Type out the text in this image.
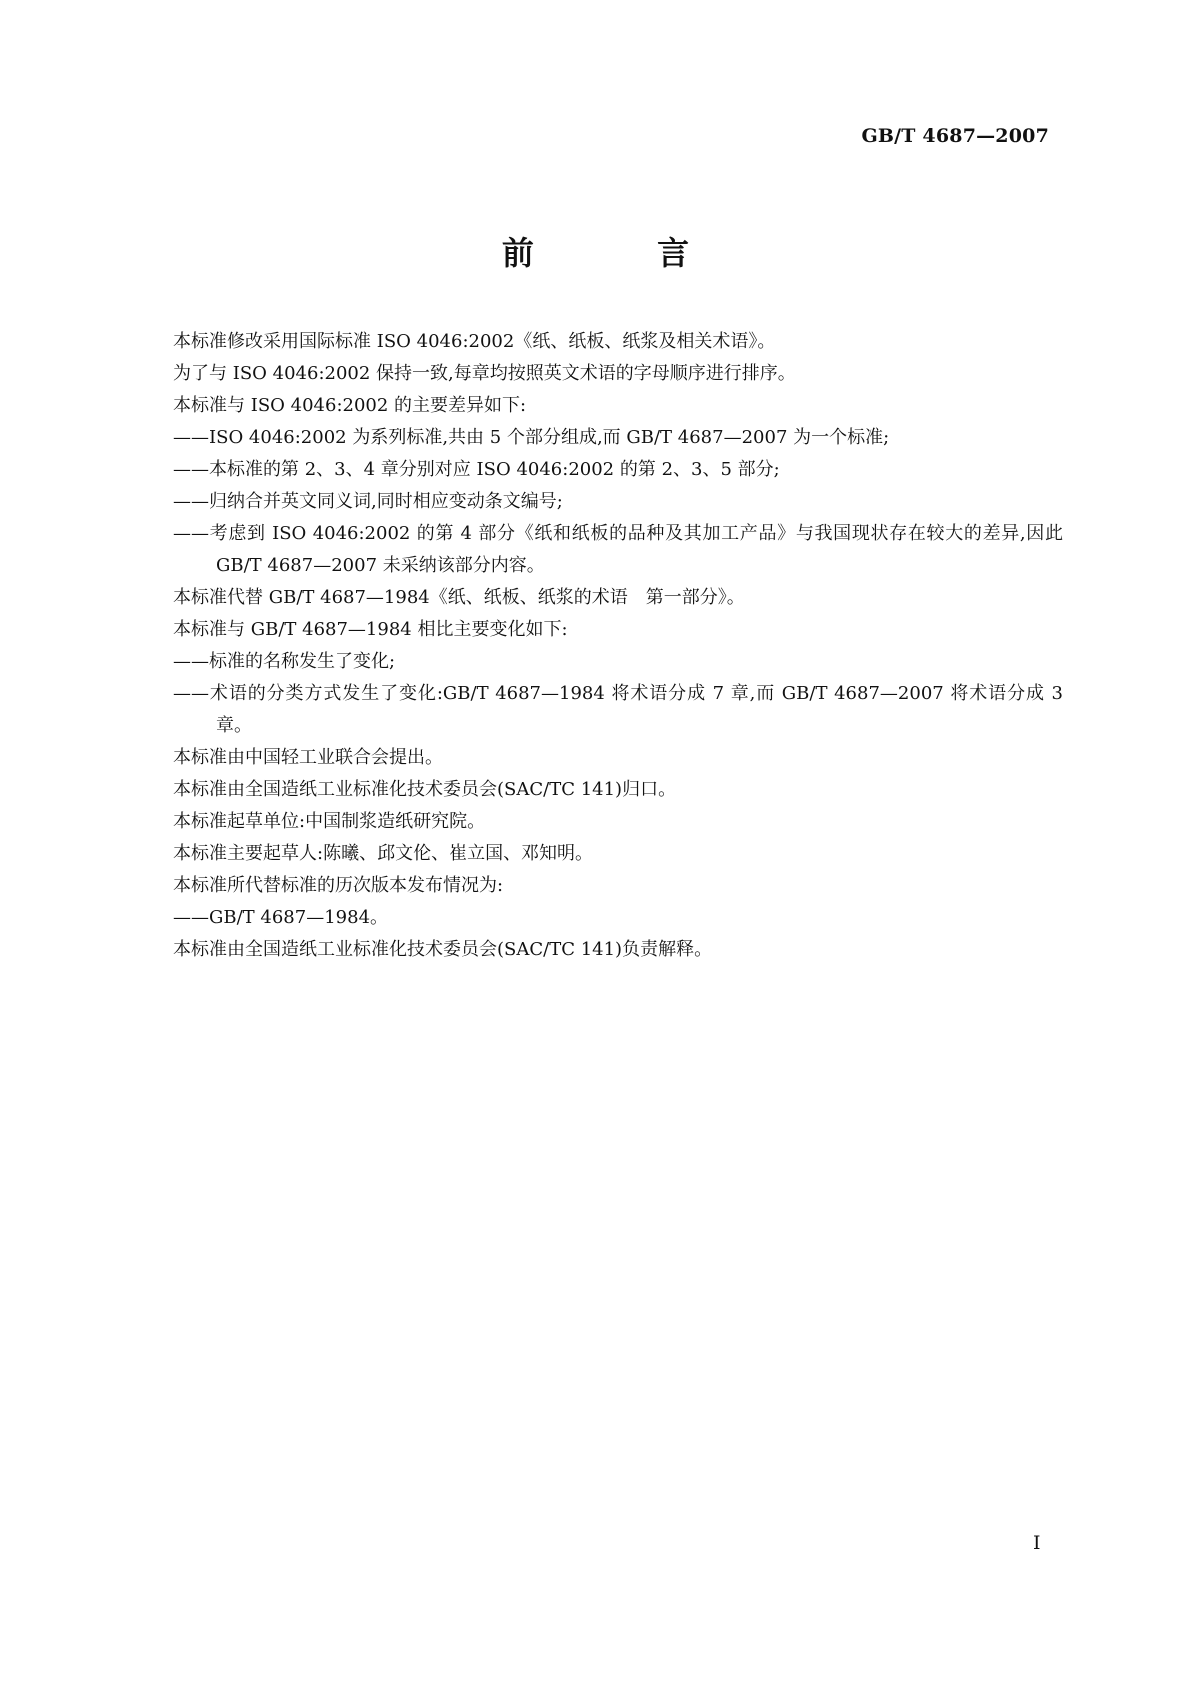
GB/T 4687—2007
前 言

本标准修改采用国际标准 ISO 4046:2002《纸、纸板、纸浆及相关术语》。

为了与 ISO 4046:2002 保持一致,每章均按照英文术语的字母顺序进行排序。

本标准与 ISO 4046:2002 的主要差异如下:

——ISO 4046:2002 为系列标准,共由 5 个部分组成,而 GB/T 4687—2007 为一个标准;

——本标准的第 2、3、4 章分别对应 ISO 4046:2002 的第 2、3、5 部分;

——归纳合并英文同义词,同时相应变动条文编号;

——考虑到 ISO 4046:2002 的第 4 部分《纸和纸板的品种及其加工产品》与我国现状存在较大的差异,因此 GB/T 4687—2007 未采纳该部分内容。

本标准代替 GB/T 4687—1984《纸、纸板、纸浆的术语　第一部分》。

本标准与 GB/T 4687—1984 相比主要变化如下:

——标准的名称发生了变化;

——术语的分类方式发生了变化:GB/T 4687—1984 将术语分成 7 章,而 GB/T 4687—2007 将术语分成 3 章。

本标准由中国轻工业联合会提出。

本标准由全国造纸工业标准化技术委员会(SAC/TC 141)归口。

本标准起草单位:中国制浆造纸研究院。

本标准主要起草人:陈曦、邱文伦、崔立国、邓知明。

本标准所代替标准的历次版本发布情况为:

——GB/T 4687—1984。

本标准由全国造纸工业标准化技术委员会(SAC/TC 141)负责解释。

I
